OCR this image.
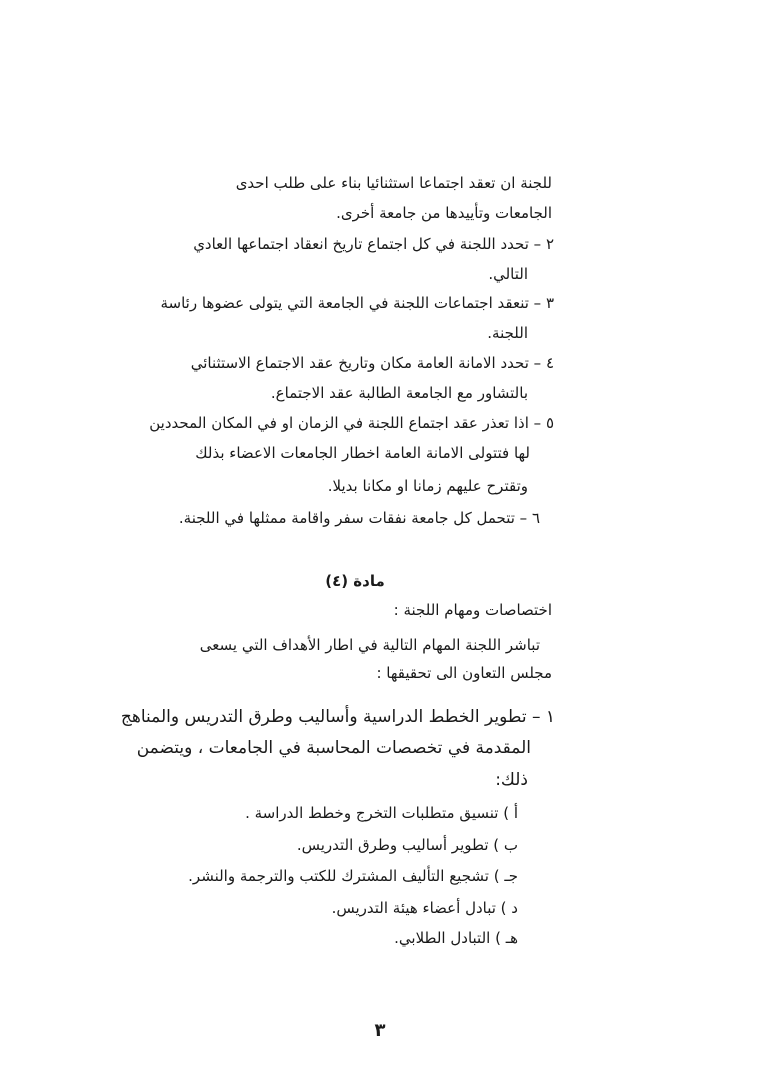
للجنة ان تعقد اجتماعا استثنائيا بناء على طلب احدى
الجامعات وتأييدها من جامعة أخرى.
٢ – تحدد اللجنة في كل اجتماع تاريخ انعقاد اجتماعها العادي
التالي.
٣ – تنعقد اجتماعات اللجنة في الجامعة التي يتولى عضوها رئاسة
اللجنة.
٤ – تحدد الامانة العامة مكان وتاريخ عقد الاجتماع الاستثنائي
بالتشاور مع الجامعة الطالبة عقد الاجتماع.
٥ – اذا تعذر عقد اجتماع اللجنة في الزمان او في المكان المحددين
لها فتتولى الامانة العامة اخطار الجامعات الاعضاء بذلك
وتقترح عليهم زمانا او مكانا بديلا.
٦ – تتحمل كل جامعة نفقات سفر واقامة ممثلها في اللجنة.
مادة (٤)
اختصاصات ومهام اللجنة :
تباشر اللجنة المهام التالية في اطار الأهداف التي يسعى
مجلس التعاون الى تحقيقها :
١ – تطوير الخطط الدراسية وأساليب وطرق التدريس والمناهج
المقدمة في تخصصات المحاسبة في الجامعات ، ويتضمن
ذلك:
أ ) تنسيق متطلبات التخرج وخطط الدراسة .
ب ) تطوير أساليب وطرق التدريس.
جـ ) تشجيع التأليف المشترك للكتب والترجمة والنشر.
د ) تبادل أعضاء هيئة التدريس.
هـ ) التبادل الطلابي.
٣
